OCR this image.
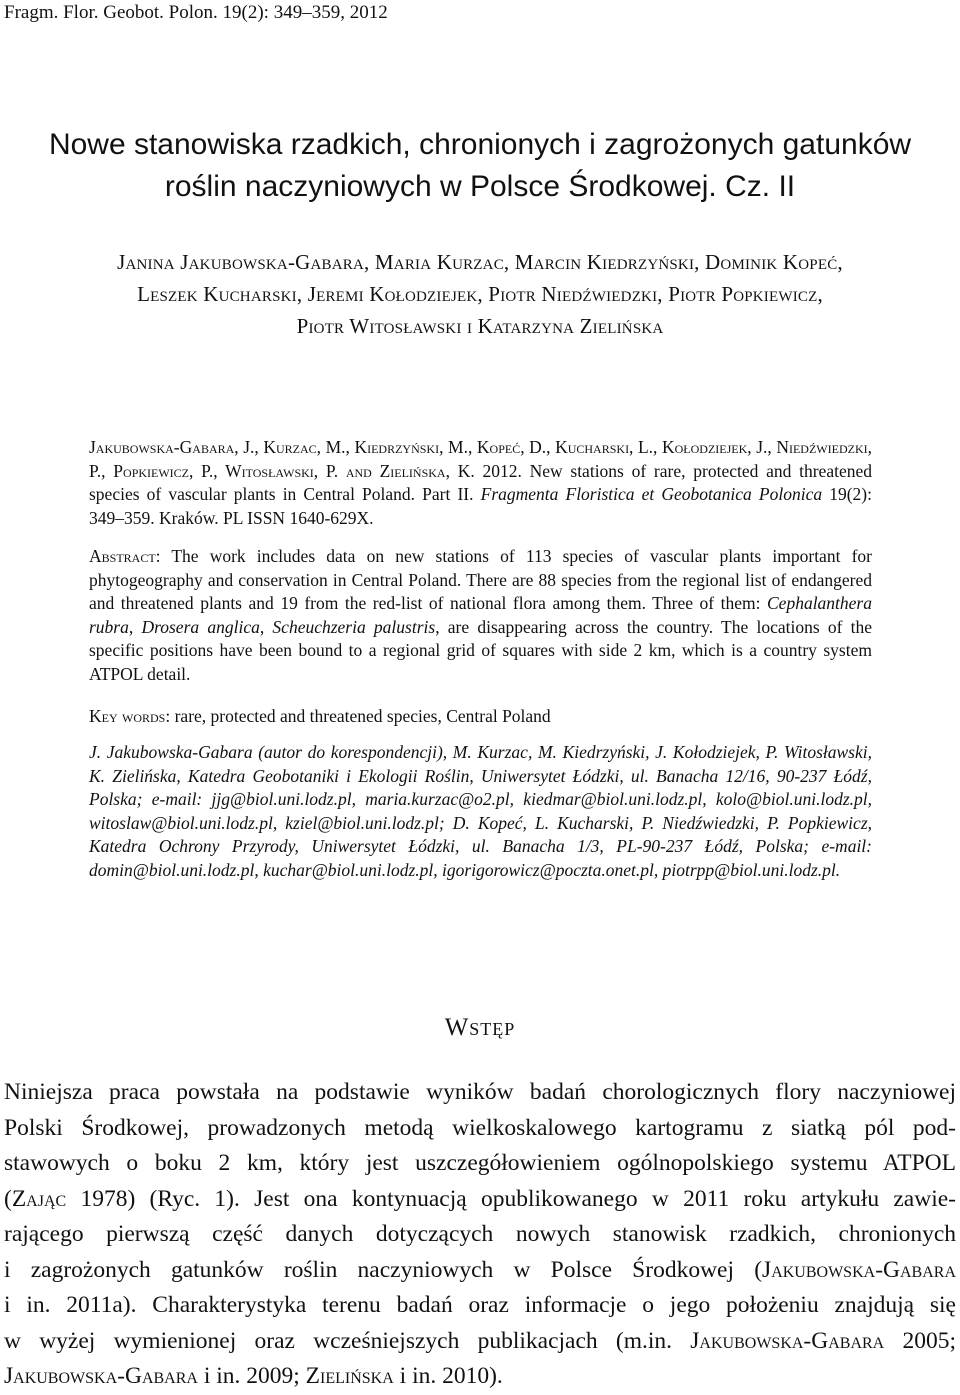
Fragm. Flor. Geobot. Polon. 19(2): 349–359, 2012
Nowe stanowiska rzadkich, chronionych i zagrożonych gatunków
roślin naczyniowych w Polsce Środkowej. Cz. II
Janina Jakubowska-Gabara, Maria Kurzac, Marcin Kiedrzyński, Dominik Kopeć,
Leszek Kucharski, Jeremi Kołodziejek, Piotr Niedźwiedzki, Piotr Popkiewicz,
Piotr Witosławski i Katarzyna Zielińska
Jakubowska-Gabara, J., Kurzac, M., Kiedrzyński, M., Kopeć, D., Kucharski, L., Kołodziejek, J., Niedźwiedzki, P., Popkiewicz, P., Witosławski, P. and Zielińska, K. 2012. New stations of rare, protected and threatened species of vascular plants in Central Poland. Part II. Fragmenta Floristica et Geobotanica Polonica 19(2): 349–359. Kraków. PL ISSN 1640-629X.
Abstract: The work includes data on new stations of 113 species of vascular plants important for phytogeography and conservation in Central Poland. There are 88 species from the regional list of endangered and threatened plants and 19 from the red-list of national flora among them. Three of them: Cephalanthera rubra, Drosera anglica, Scheuchzeria palustris, are disappearing across the country. The locations of the specific positions have been bound to a regional grid of squares with side 2 km, which is a country system ATPOL detail.
Key words: rare, protected and threatened species, Central Poland
J. Jakubowska-Gabara (autor do korespondencji), M. Kurzac, M. Kiedrzyński, J. Kołodziejek, P. Witosławski, K. Zielińska, Katedra Geobotaniki i Ekologii Roślin, Uniwersytet Łódzki, ul. Banacha 12/16, 90-237 Łódź, Polska; e-mail: jjg@biol.uni.lodz.pl, maria.kurzac@o2.pl, kiedmar@biol.uni.lodz.pl, kolo@biol.uni.lodz.pl, witoslaw@biol.uni.lodz.pl, kziel@biol.uni.lodz.pl; D. Kopeć, L. Kucharski, P. Niedźwiedzki, P. Popkiewicz, Katedra Ochrony Przyrody, Uniwersytet Łódzki, ul. Banacha 1/3, PL-90-237 Łódź, Polska; e-mail: domin@biol.uni.lodz.pl, kuchar@biol.uni.lodz.pl, igorigorowicz@poczta.onet.pl, piotrpp@biol.uni.lodz.pl.
Wstęp
Niniejsza praca powstała na podstawie wyników badań chorologicznych flory naczyniowej
Polski Środkowej, prowadzonych metodą wielkoskalowego kartogramu z siatką pól pod-
stawowych o boku 2 km, który jest uszczegółowieniem ogólnopolskiego systemu ATPOL
(Zając 1978) (Ryc. 1). Jest ona kontynuacją opublikowanego w 2011 roku artykułu zawie-
rającego pierwszą część danych dotyczących nowych stanowisk rzadkich, chronionych
i zagrożonych gatunków roślin naczyniowych w Polsce Środkowej (Jakubowska-Gabara
i in. 2011a). Charakterystyka terenu badań oraz informacje o jego położeniu znajdują się
w wyżej wymienionej oraz wcześniejszych publikacjach (m.in. Jakubowska-Gabara 2005;
Jakubowska-Gabara i in. 2009; Zielińska i in. 2010).
